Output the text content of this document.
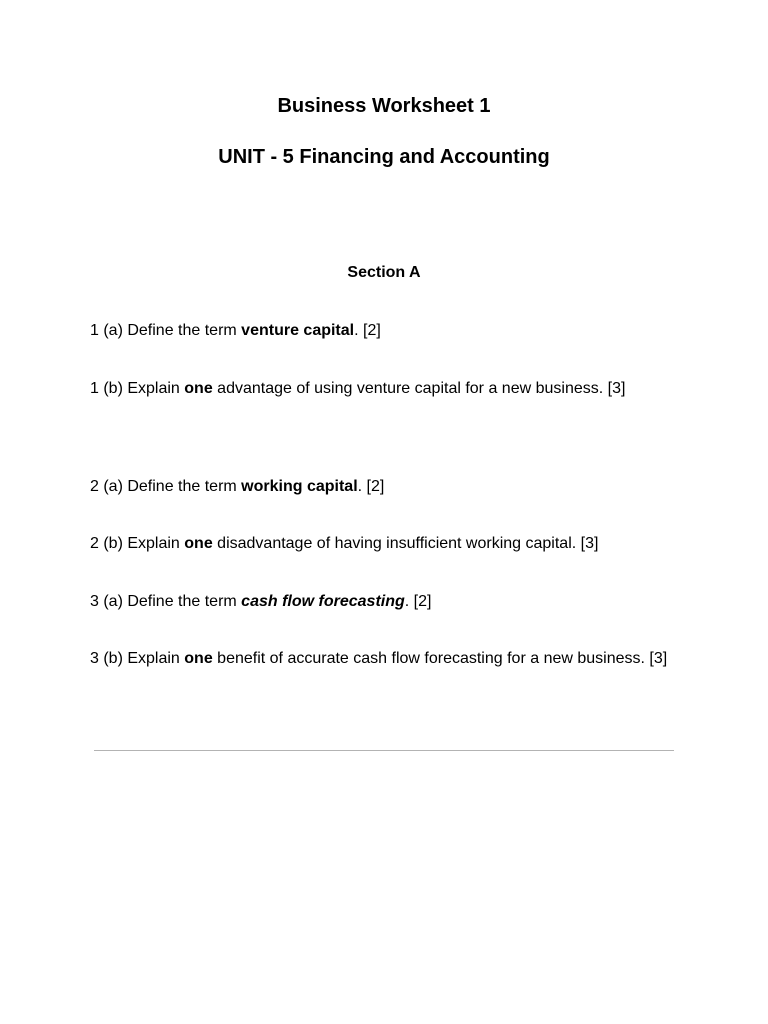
Business Worksheet 1
UNIT - 5 Financing and Accounting
Section A

1 (a) Define the term venture capital. [2]

1 (b) Explain one advantage of using venture capital for a new business. [3]

2 (a) Define the term working capital. [2]

2 (b) Explain one disadvantage of having insufficient working capital. [3]

3 (a) Define the term cash flow forecasting. [2]

3 (b) Explain one benefit of accurate cash flow forecasting for a new business. [3]
